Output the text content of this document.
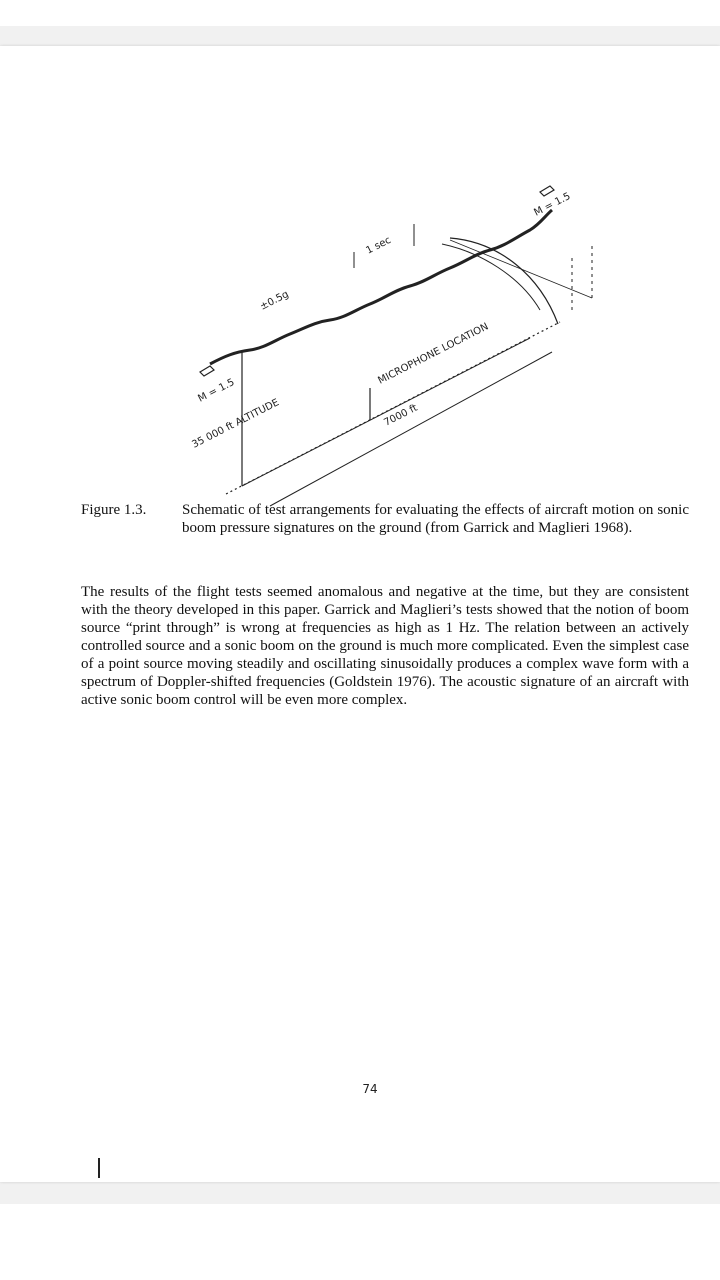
±0.5g
1 sec
M = 1.5
M = 1.5
35 000 ft ALTITUDE
MICROPHONE LOCATION
7000 ft
Figure 1.3. Schematic of test arrangements for evaluating the effects of aircraft motion on sonic boom pressure signatures on the ground (from Garrick and Maglieri 1968).
The results of the flight tests seemed anomalous and negative at the time, but they are consistent with the theory developed in this paper. Garrick and Maglieri’s tests showed that the notion of boom source “print through” is wrong at frequencies as high as 1 Hz. The relation between an actively controlled source and a sonic boom on the ground is much more complicated. Even the simplest case of a point source moving steadily and oscillating sinusoidally produces a complex wave form with a spectrum of Doppler-shifted frequencies (Goldstein 1976). The acoustic signature of an aircraft with active sonic boom control will be even more complex.
74
